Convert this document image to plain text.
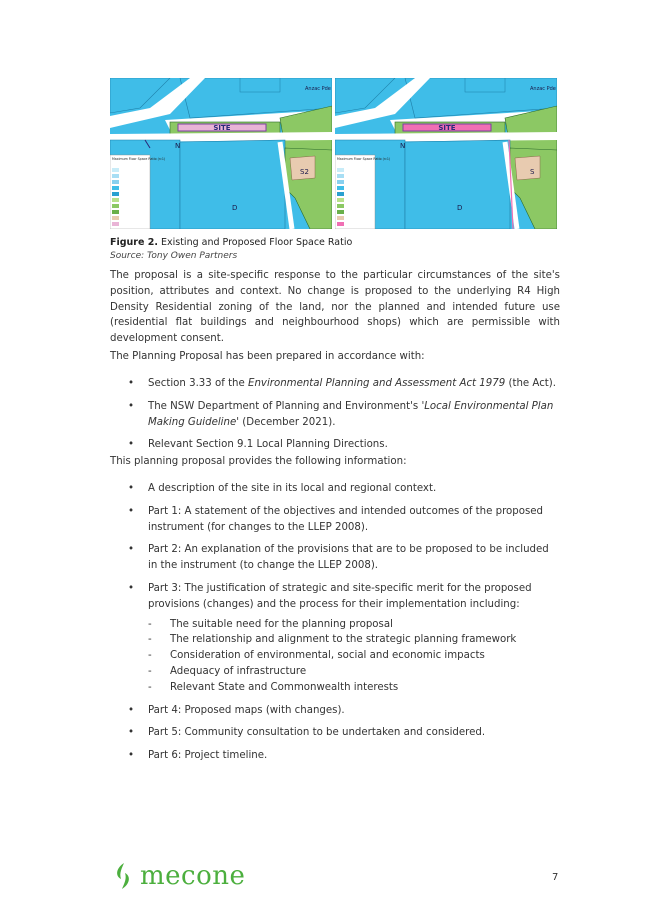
SITE
N
S2
D
Anzac Pde
Maximum Floor Space Ratio (n:1)
SITE
N
S
D
Anzac Pde
Maximum Floor Space Ratio (n:1)
Figure 2. Existing and Proposed Floor Space Ratio
Source: Tony Owen Partners

The proposal is a site-specific response to the particular circumstances of the site's position, attributes and context. No change is proposed to the underlying R4 High Density Residential zoning of the land, nor the planned and intended future use (residential flat buildings and neighbourhood shops) which are permissible with development consent.

The Planning Proposal has been prepared in accordance with:

• Section 3.33 of the Environmental Planning and Assessment Act 1979 (the Act).
• The NSW Department of Planning and Environment's 'Local Environmental Plan Making Guideline' (December 2021).
• Relevant Section 9.1 Local Planning Directions.

This planning proposal provides the following information:

• A description of the site in its local and regional context.
• Part 1: A statement of the objectives and intended outcomes of the proposed instrument (for changes to the LLEP 2008).
• Part 2: An explanation of the provisions that are to be proposed to be included in the instrument (to change the LLEP 2008).
• Part 3: The justification of strategic and site-specific merit for the proposed provisions (changes) and the process for their implementation including:
- The suitable need for the planning proposal
- The relationship and alignment to the strategic planning framework
- Consideration of environmental, social and economic impacts
- Adequacy of infrastructure
- Relevant State and Commonwealth interests
• Part 4: Proposed maps (with changes).
• Part 5: Community consultation to be undertaken and considered.
• Part 6: Project timeline.
mecone	7
